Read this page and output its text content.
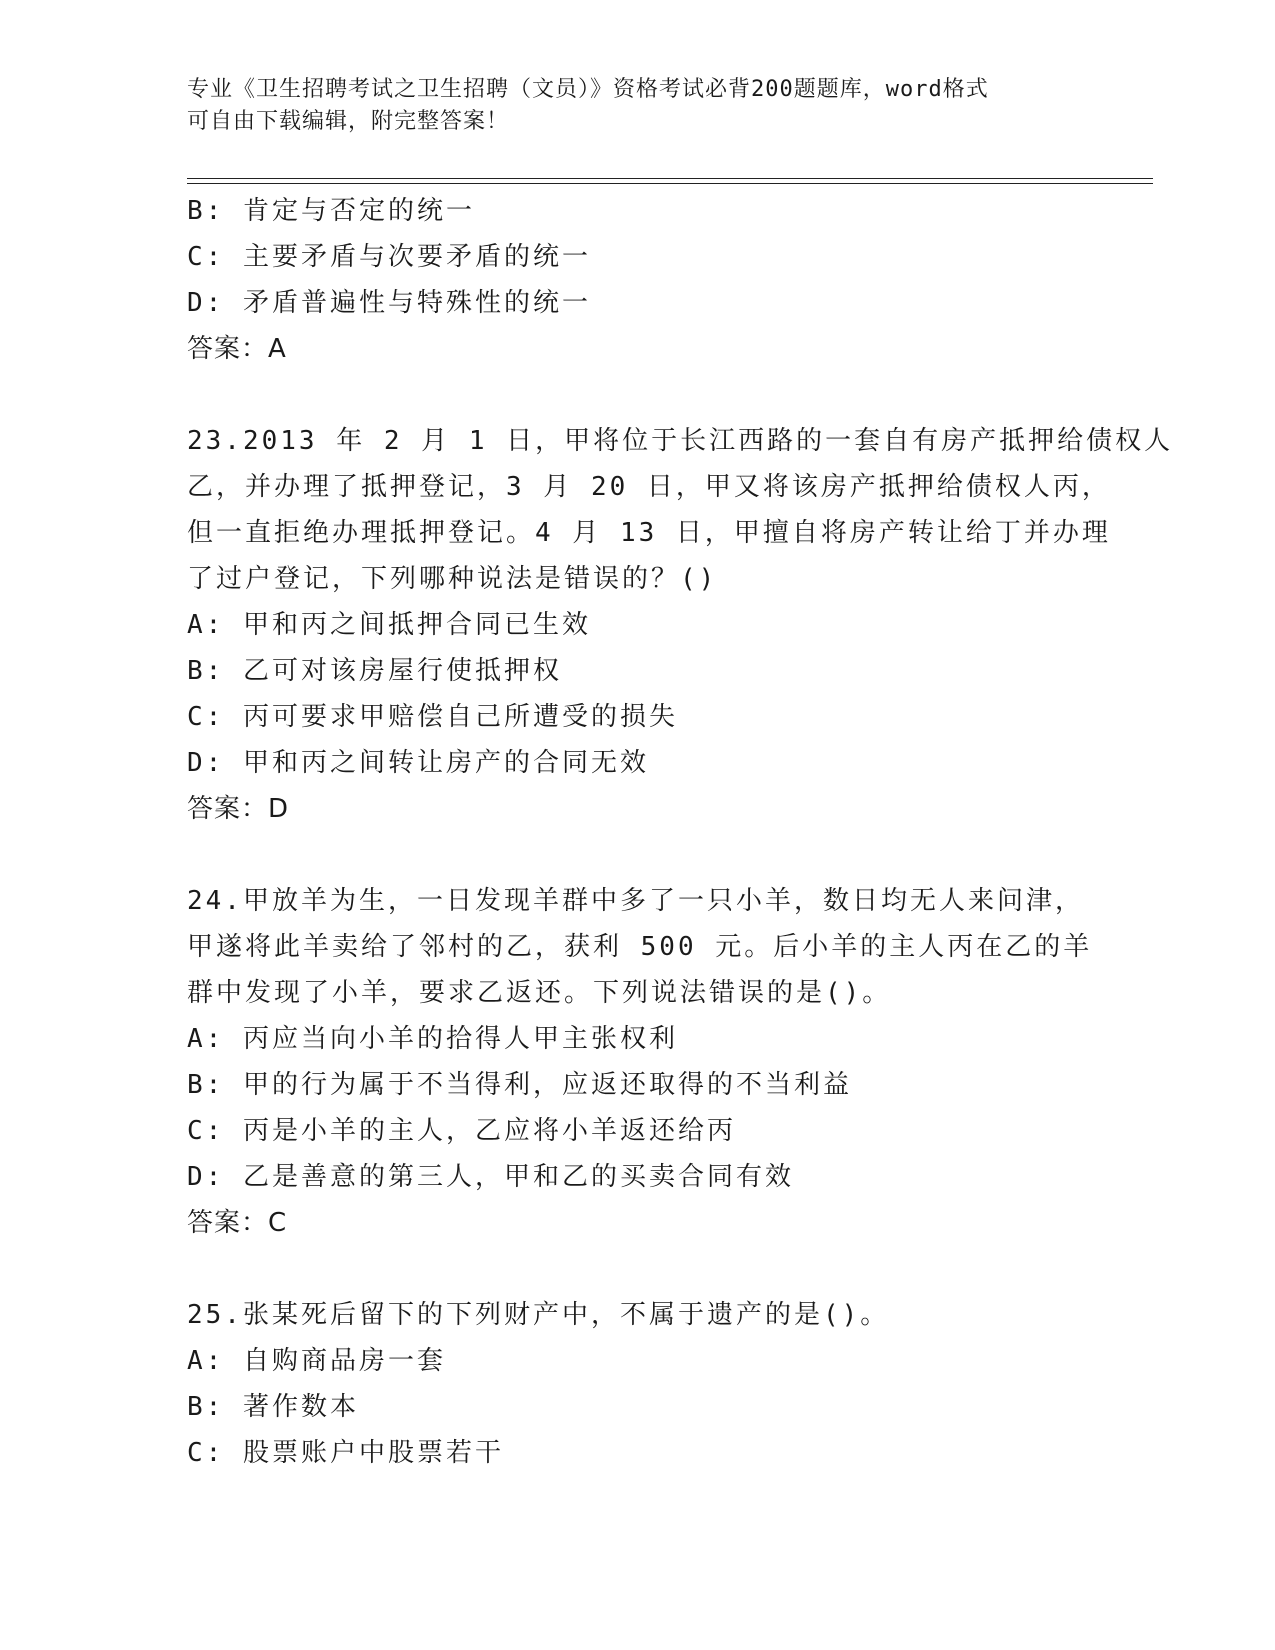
专业《卫生招聘考试之卫生招聘（文员）》资格考试必背200题题库，word格式
可自由下载编辑，附完整答案！
B: 肯定与否定的统一
C: 主要矛盾与次要矛盾的统一
D: 矛盾普遍性与特殊性的统一
答案：A
23.2013 年 2 月 1 日，甲将位于长江西路的一套自有房产抵押给债权人
乙，并办理了抵押登记，3 月 20 日，甲又将该房产抵押给债权人丙，
但一直拒绝办理抵押登记。4 月 13 日，甲擅自将房产转让给丁并办理
了过户登记，下列哪种说法是错误的？()
A: 甲和丙之间抵押合同已生效
B: 乙可对该房屋行使抵押权
C: 丙可要求甲赔偿自己所遭受的损失
D: 甲和丙之间转让房产的合同无效
答案：D
24.甲放羊为生，一日发现羊群中多了一只小羊，数日均无人来问津，
甲遂将此羊卖给了邻村的乙，获利 500 元。后小羊的主人丙在乙的羊
群中发现了小羊，要求乙返还。下列说法错误的是()。
A: 丙应当向小羊的拾得人甲主张权利
B: 甲的行为属于不当得利，应返还取得的不当利益
C: 丙是小羊的主人，乙应将小羊返还给丙
D: 乙是善意的第三人，甲和乙的买卖合同有效
答案：C
25.张某死后留下的下列财产中，不属于遗产的是()。
A: 自购商品房一套
B: 著作数本
C: 股票账户中股票若干
